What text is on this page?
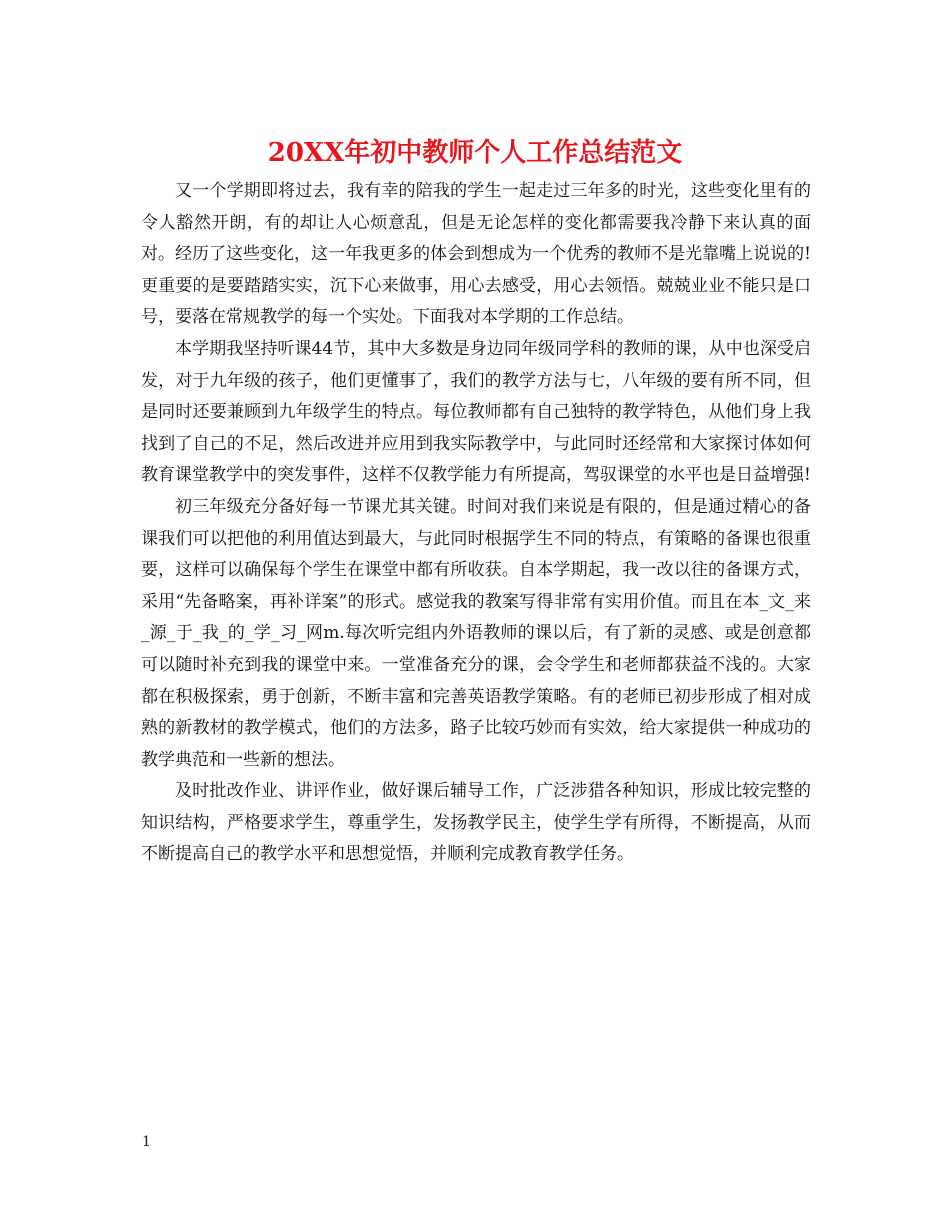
20XX年初中教师个人工作总结范文

又一个学期即将过去，我有幸的陪我的学生一起走过三年多的时光，这些变化里有的令人豁然开朗，有的却让人心烦意乱，但是无论怎样的变化都需要我冷静下来认真的面对。经历了这些变化，这一年我更多的体会到想成为一个优秀的教师不是光靠嘴上说说的!更重要的是要踏踏实实，沉下心来做事，用心去感受，用心去领悟。兢兢业业不能只是口号，要落在常规教学的每一个实处。下面我对本学期的工作总结。

本学期我坚持听课44节，其中大多数是身边同年级同学科的教师的课，从中也深受启发，对于九年级的孩子，他们更懂事了，我们的教学方法与七，八年级的要有所不同，但是同时还要兼顾到九年级学生的特点。每位教师都有自己独特的教学特色，从他们身上我找到了自己的不足，然后改进并应用到我实际教学中，与此同时还经常和大家探讨体如何教育课堂教学中的突发事件，这样不仅教学能力有所提高，驾驭课堂的水平也是日益增强!

初三年级充分备好每一节课尤其关键。时间对我们来说是有限的，但是通过精心的备课我们可以把他的利用值达到最大，与此同时根据学生不同的特点，有策略的备课也很重要，这样可以确保每个学生在课堂中都有所收获。自本学期起，我一改以往的备课方式，采用“先备略案，再补详案”的形式。感觉我的教案写得非常有实用价值。而且在本_文_来_源_于_我_的_学_习_网m.每次听完组内外语教师的课以后，有了新的灵感、或是创意都可以随时补充到我的课堂中来。一堂准备充分的课，会令学生和老师都获益不浅的。大家都在积极探索，勇于创新，不断丰富和完善英语教学策略。有的老师已初步形成了相对成熟的新教材的教学模式，他们的方法多，路子比较巧妙而有实效，给大家提供一种成功的教学典范和一些新的想法。

及时批改作业、讲评作业，做好课后辅导工作，广泛涉猎各种知识，形成比较完整的知识结构，严格要求学生，尊重学生，发扬教学民主，使学生学有所得，不断提高，从而不断提高自己的教学水平和思想觉悟，并顺利完成教育教学任务。

1
